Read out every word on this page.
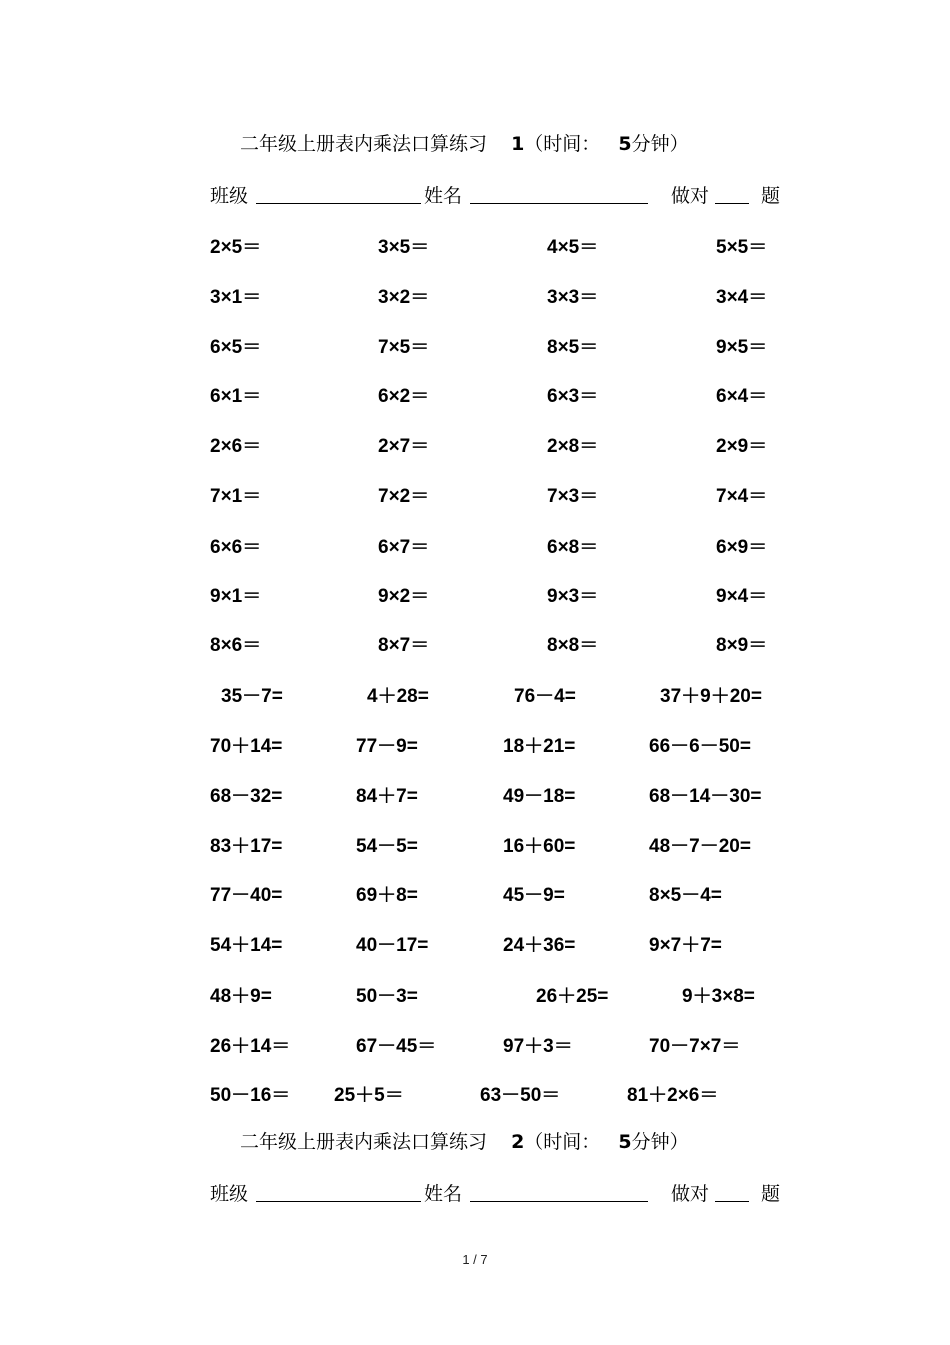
二年级上册表内乘法口算练习 1（时间： 5分钟）
班级	姓名	做对	题
2×5＝	3×5＝	4×5＝	5×5＝
3×1＝	3×2＝	3×3＝	3×4＝
6×5＝	7×5＝	8×5＝	9×5＝
6×1＝	6×2＝	6×3＝	6×4＝
2×6＝	2×7＝	2×8＝	2×9＝
7×1＝	7×2＝	7×3＝	7×4＝
6×6＝	6×7＝	6×8＝	6×9＝
9×1＝	9×2＝	9×3＝	9×4＝
8×6＝	8×7＝	8×8＝	8×9＝
35－7=	4＋28=	76－4=	37＋9＋20=
70＋14=	77－9=	18＋21=	66－6－50=
68－32=	84＋7=	49－18=	68－14－30=
83＋17=	54－5=	16＋60=	48－7－20=
77－40=	69＋8=	45－9=	8×5－4=
54＋14=	40－17=	24＋36=	9×7＋7=
48＋9=	50－3=	26＋25=	9＋3×8=
26＋14＝	67－45＝	97＋3＝	70－7×7＝
50－16＝ 25＋5＝	63－50＝	81＋2×6＝
二年级上册表内乘法口算练习 2（时间： 5分钟）
班级	姓名	做对	题
1 / 7
